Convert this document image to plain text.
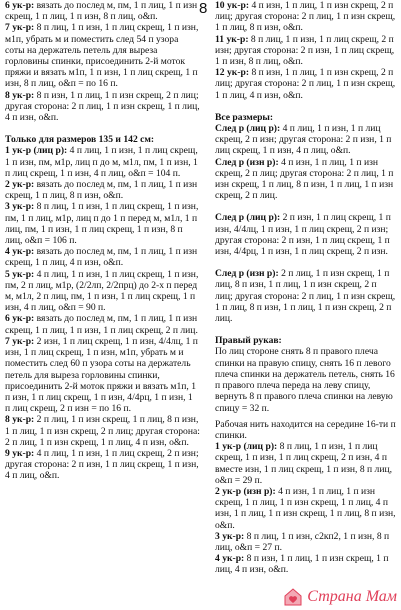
6 ук-р: вязать до послед м, пм, 1 п лиц, 1 п изн скрещ, 1 п лиц, 1 п изн, 8 п лиц, о&п.

7 ук-р: 8 п лиц, 1 п изн, 1 п лиц скрещ, 1 п изн, м1п, убрать м и поместить след 54 п узора соты на держатель петель для выреза горловины спинки, присоединить 2-й моток пряжи и вязать м1п, 1 п изн, 1 п лиц скрещ, 1 п изн, 8 п лиц, о&п = по 16 п.

8 ук-р: 8 п изн, 1 п лиц, 1 п изн скрещ, 2 п лиц; другая сторона: 2 п лиц, 1 п изн скрещ, 1 п лиц, 4 п изн, о&п.

Только для размеров 135 и 142 см:

1 ук-р (лиц р): 4 п лиц, 1 п изн, 1 п лиц скрещ, 1 п изн, пм, м1р, лиц п до м, м1л, пм, 1 п изн, 1 п лиц скрещ, 1 п изн, 4 п лиц, о&п = 104 п.

2 ук-р: вязать до послед м, пм, 1 п лиц, 1 п изн скрещ, 1 п лиц, 8 п изн, о&п.

3 ук-р: 8 п лиц, 1 п изн, 1 п лиц скрещ, 1 п изн, пм, 1 п лиц, м1р, лиц п до 1 п перед м, м1л, 1 п лиц, пм, 1 п изн, 1 п лиц скрещ, 1 п изн, 8 п лиц, о&п = 106 п.

4 ук-р: вязать до послед м, пм, 1 п лиц, 1 п изн скрещ, 1 п лиц, 4 п изн, о&п.

5 ук-р: 4 п лиц, 1 п изн, 1 п лиц скрещ, 1 п изн, пм, 2 п лиц, м1р, (2/2лп, 2/2прц) до 2-х п перед м, м1л, 2 п лиц, пм, 1 п изн, 1 п лиц скрещ, 1 п изн, 4 п лиц, о&п = 90 п.

6 ук-р: вязать до послед м, пм, 1 п лиц, 1 п изн скрещ, 1 п лиц, 1 п изн, 1 п лиц скрещ, 2 п лиц.

7 ук-р: 2 изн, 1 п лиц скрещ, 1 п изн, 4/4лц, 1 п изн, 1 п лиц скрещ, 1 п изн, м1п, убрать м и поместить след 60 п узора соты на держатель петель для выреза горловины спинки, присоединить 2-й моток пряжи и вязать м1п, 1 п изн, 1 п лиц скрещ, 1 п изн, 4/4рц, 1 п изн, 1 п лиц скрещ, 2 п изн = по 16 п.

8 ук-р: 2 п лиц, 1 п изн скрещ, 1 п лиц, 8 п изн, 1 п лиц, 1 п изн скрещ, 2 п лиц; другая сторона: 2 п лиц, 1 п изн скрещ, 1 п лиц, 4 п изн, о&п.

9 ук-р: 4 п лиц, 1 п изн, 1 п лиц скрещ, 2 п изн; другая сторона: 2 п изн, 1 п лиц скрещ, 1 п изн, 4 п лиц, о&п.

8 10 ук-р: 4 п изн, 1 п лиц, 1 п изн скрещ, 2 п лиц; другая сторона: 2 п лиц, 1 п изн скрещ, 1 п лиц, 8 п изн, о&п.

11 ук-р: 8 п лиц, 1 п изн, 1 п лиц скрещ, 2 п изн; другая сторона: 2 п изн, 1 п лиц скрещ, 1 п изн, 8 п лиц, о&п.

12 ук-р: 8 п изн, 1 п лиц, 1 п изн скрещ, 2 п лиц; другая сторона: 2 п лиц, 1 п изн скрещ, 1 п лиц, 4 п изн, о&п.

Все размеры:

След р (лиц р): 4 п лиц, 1 п изн, 1 п лиц скрещ, 2 п изн; другая сторона: 2 п изн, 1 п лиц скрещ, 1 п изн, 4 п лиц, о&п.

След р (изн р): 4 п изн, 1 п лиц, 1 п изн скрещ, 2 п лиц; другая сторона: 2 п лиц, 1 п изн скрещ, 1 п лиц, 8 п изн, 1 п лиц, 1 п изн скрещ, 2 п лиц.

След р (лиц р): 2 п изн, 1 п лиц скрещ, 1 п изн, 4/4лц, 1 п изн, 1 п лиц скрещ, 2 п изн; другая сторона: 2 п изн, 1 п лиц скрещ, 1 п изн, 4/4рц, 1 п изн, 1 п лиц скрещ, 2 п изн.

След р (изн р): 2 п лиц, 1 п изн скрещ, 1 п лиц, 8 п изн, 1 п лиц, 1 п изн скрещ, 2 п лиц; другая сторона: 2 п лиц, 1 п изн скрещ, 1 п лиц, 8 п изн, 1 п лиц, 1 п изн скрещ, 2 п лиц.

Правый рукав:

По лиц стороне снять 8 п правого плеча спинки на правую спицу, снять 16 п левого плеча спинки на держатель петель, снять 16 п правого плеча переда на леву спицу, вернуть 8 п правого плеча спинки на левую спицу = 32 п.

Рабочая нить находится на середине 16-ти п спинки.

1 ук-р (лиц р): 8 п лиц, 1 п изн, 1 п лиц скрещ, 1 п изн, 1 п лиц скрещ, 2 п изн, 4 п вместе изн, 1 п лиц скрещ, 1 п изн, 8 п лиц, о&п = 29 п.

2 ук-р (изн р): 4 п изн, 1 п лиц, 1 п изн скрещ, 1 п лиц, 1 п изн скрещ, 1 п лиц, 4 п изн, 1 п лиц, 1 п изн скрещ, 1 п лиц, 8 п изн, о&п.

3 ук-р: 8 п лиц, 1 п изн, с2кп2, 1 п изн, 8 п лиц, о&п = 27 п.

4 ук-р: 8 п изн, 1 п лиц, 1 п изн скрещ, 1 п лиц, 4 п изн, о&п.

Страна Мам
